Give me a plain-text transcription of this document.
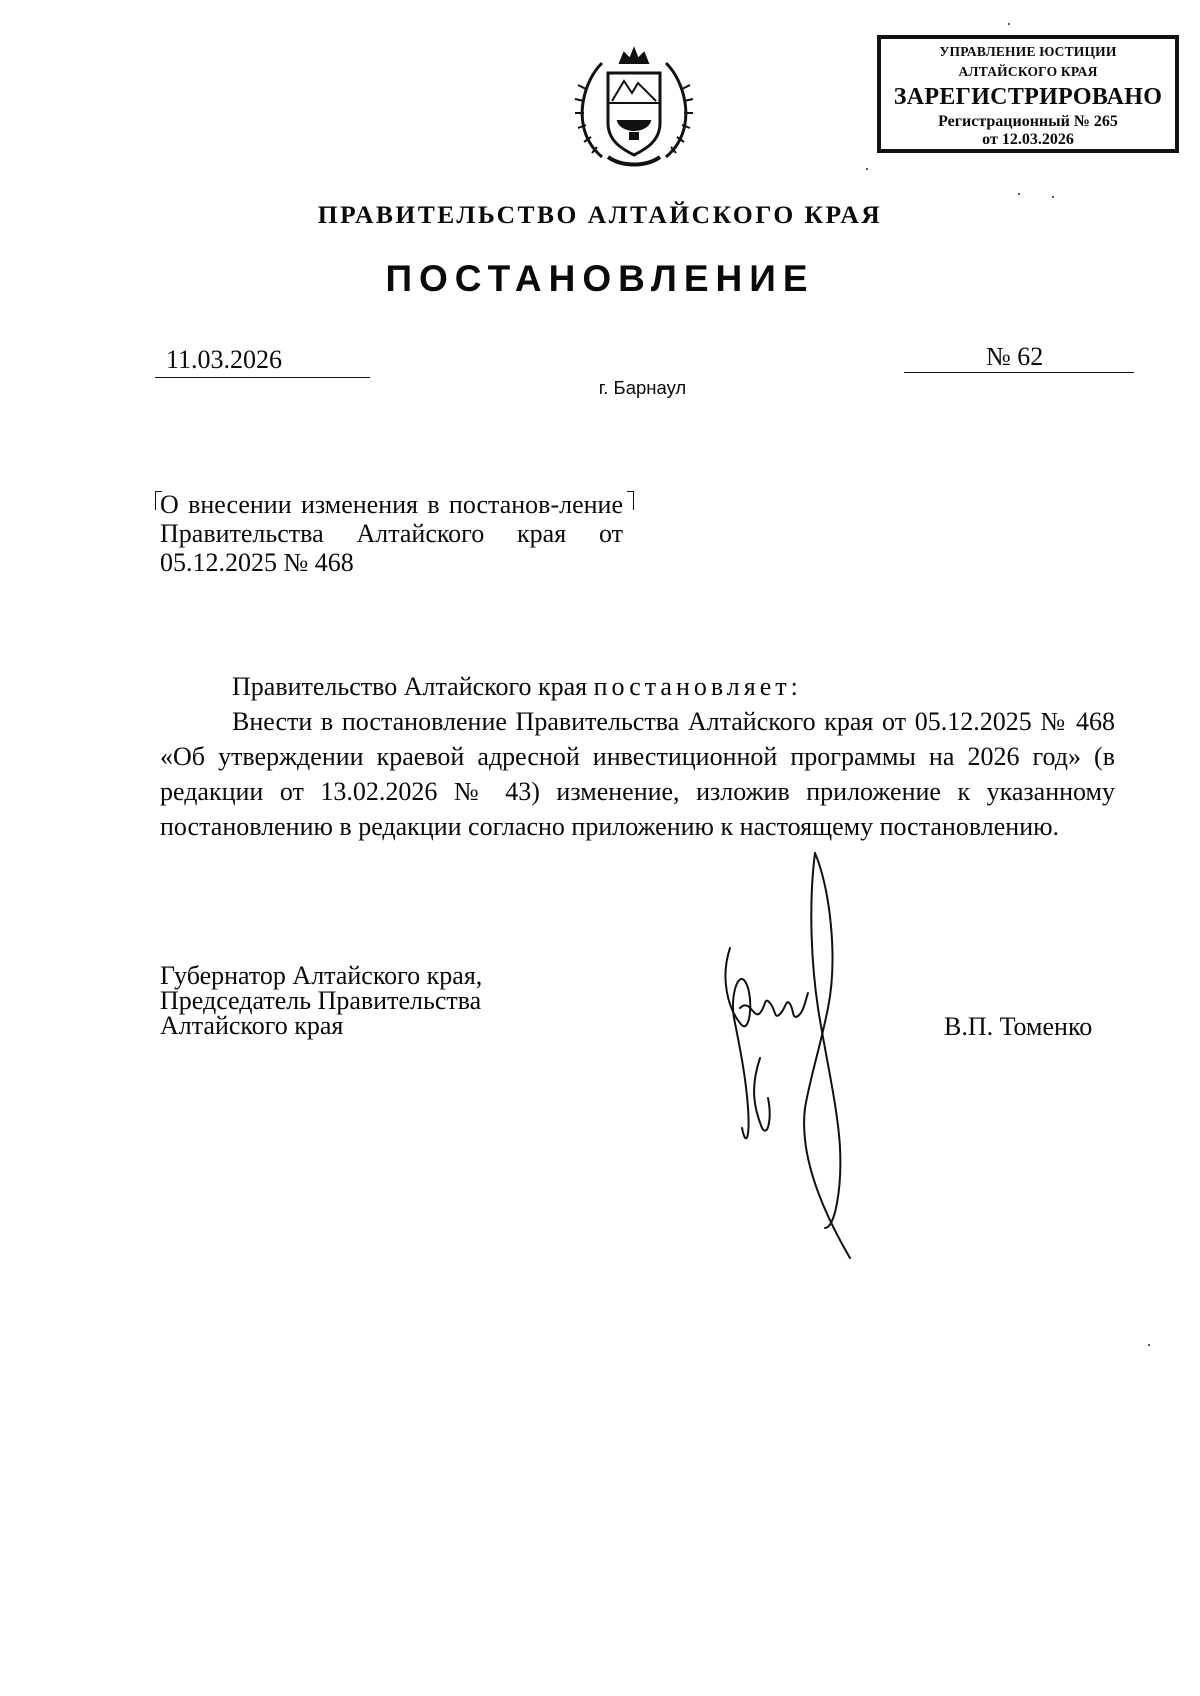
УПРАВЛЕНИЕ ЮСТИЦИИ
АЛТАЙСКОГО КРАЯ
ЗАРЕГИСТРИРОВАНО
Регистрационный № 265
от 12.03.2026
ПРАВИТЕЛЬСТВО АЛТАЙСКОГО КРАЯ
ПОСТАНОВЛЕНИЕ
11.03.2026	№ 62
г. Барнаул
О внесении изменения в постанов-ление Правительства Алтайского края от 05.12.2025 № 468

Правительство Алтайского края постановляет:

Внести в постановление Правительства Алтайского края от 05.12.2025 № 468 «Об утверждении краевой адресной инвестиционной программы на 2026 год» (в редакции от 13.02.2026 № 43) изменение, изложив приложение к указанному постановлению в редакции согласно приложению к настоящему постановлению.

Губернатор Алтайского края,
Председатель Правительства
Алтайского края	В.П. Томенко
